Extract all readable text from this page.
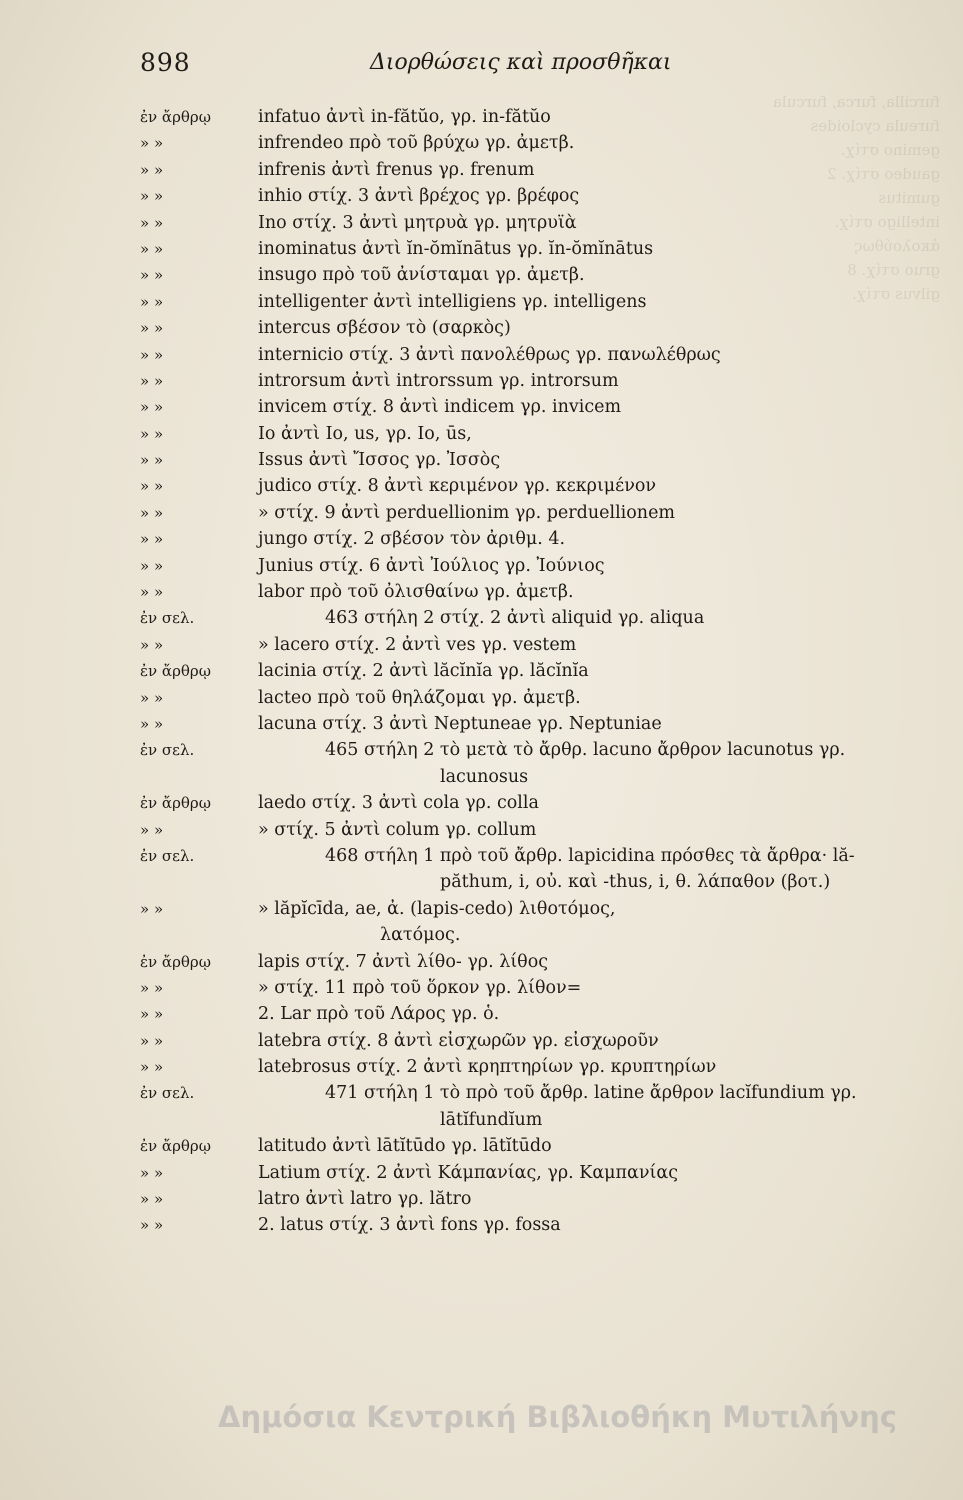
furcilla, furca, furcula
fureula cycloides
gemino στίχ.
gaudeo στίχ. 2
gumitus
intelligo στίχ.
ἀκολούθως
gruo στίχ. 8
gilvus στίχ.
898	Διορθώσεις καὶ προσθῆκαι
ἐν ἄρθρῳ	infatuo ἀντὶ in-fătŭo, γρ. in-fătŭo
» »	infrendeo πρὸ τοῦ βρύχω γρ. ἀμετβ.
» »	infrenis ἀντὶ frenus γρ. frenum
» »	inhio στίχ. 3 ἀντὶ βρέχος γρ. βρέφος
» »	Ino στίχ. 3 ἀντὶ μητρυὰ γρ. μητρυϊὰ
» »	inominatus ἀντὶ ĭn-ŏmĭnātus γρ. ĭn-ŏmĭnātus
» »	insugo πρὸ τοῦ ἀνίσταμαι γρ. ἀμετβ.
» »	intelligenter ἀντὶ intelligiens γρ. intelligens
» »	intercus σβέσον τὸ (σαρκὸς)
» »	internicio στίχ. 3 ἀντὶ πανολέθρως γρ. πανωλέθρως
» »	introrsum ἀντὶ introrssum γρ. introrsum
» »	invicem στίχ. 8 ἀντὶ indicem γρ. invicem
» »	Io ἀντὶ Io, us, γρ. Io, ūs,
» »	Issus ἀντὶ Ἴσσος γρ. Ἰσσὸς
» »	judico στίχ. 8 ἀντὶ κεριμένον γρ. κεκριμένον
» »	» στίχ. 9 ἀντὶ perduellionim γρ. perduellionem
» »	jungo στίχ. 2 σβέσον τὸν ἀριθμ. 4.
» »	Junius στίχ. 6 ἀντὶ Ἰούλιος γρ. Ἰούνιος
» »	labor πρὸ τοῦ ὀλισθαίνω γρ. ἀμετβ.
ἐν σελ.	463 στήλη 2 στίχ. 2 ἀντὶ aliquid γρ. aliqua
» »	» lacero στίχ. 2 ἀντὶ ves γρ. vestem
ἐν ἄρθρῳ	lacinia στίχ. 2 ἀντὶ lăcĭnĭa γρ. lăcĭnĭa
» »	lacteo πρὸ τοῦ θηλάζομαι γρ. ἀμετβ.
» »	lacuna στίχ. 3 ἀντὶ Neptuneae γρ. Neptuniae
ἐν σελ.	465 στήλη 2 τὸ μετὰ τὸ ἄρθρ. lacuno ἄρθρον lacunotus γρ.
lacunosus
ἐν ἄρθρῳ	laedo στίχ. 3 ἀντὶ cola γρ. colla
» »	» στίχ. 5 ἀντὶ colum γρ. collum
ἐν σελ.	468 στήλη 1 πρὸ τοῦ ἄρθρ. lapicidina πρόσθες τὰ ἄρθρα· lă-
păthum, i, οὐ. καὶ -thus, i, θ. λάπαθον (βοτ.)
» »	» lăpĭcīda, ae, ἀ. (lapis-cedo) λιθοτόμος,
λατόμος.
ἐν ἄρθρῳ	lapis στίχ. 7 ἀντὶ λίθο- γρ. λίθος
» »	» στίχ. 11 πρὸ τοῦ ὅρκον γρ. λίθον=
» »	2. Lar πρὸ τοῦ Λάρος γρ. ὁ.
» »	latebra στίχ. 8 ἀντὶ εἰσχωρῶν γρ. εἰσχωροῦν
» »	latebrosus στίχ. 2 ἀντὶ κρηπτηρίων γρ. κρυπτηρίων
ἐν σελ.	471 στήλη 1 τὸ πρὸ τοῦ ἄρθρ. latine ἄρθρον lacĭfundium γρ.
lātĭfundĭum
ἐν ἄρθρῳ	latitudo ἀντὶ lātĭtūdo γρ. lātĭtūdo
» »	Latium στίχ. 2 ἀντὶ Κάμπανίας, γρ. Καμπανίας
» »	latro ἀντὶ latro γρ. lătro
» »	2. latus στίχ. 3 ἀντὶ fons γρ. fossa
Δημόσια Κεντρική Βιβλιοθήκη Μυτιλήνης
